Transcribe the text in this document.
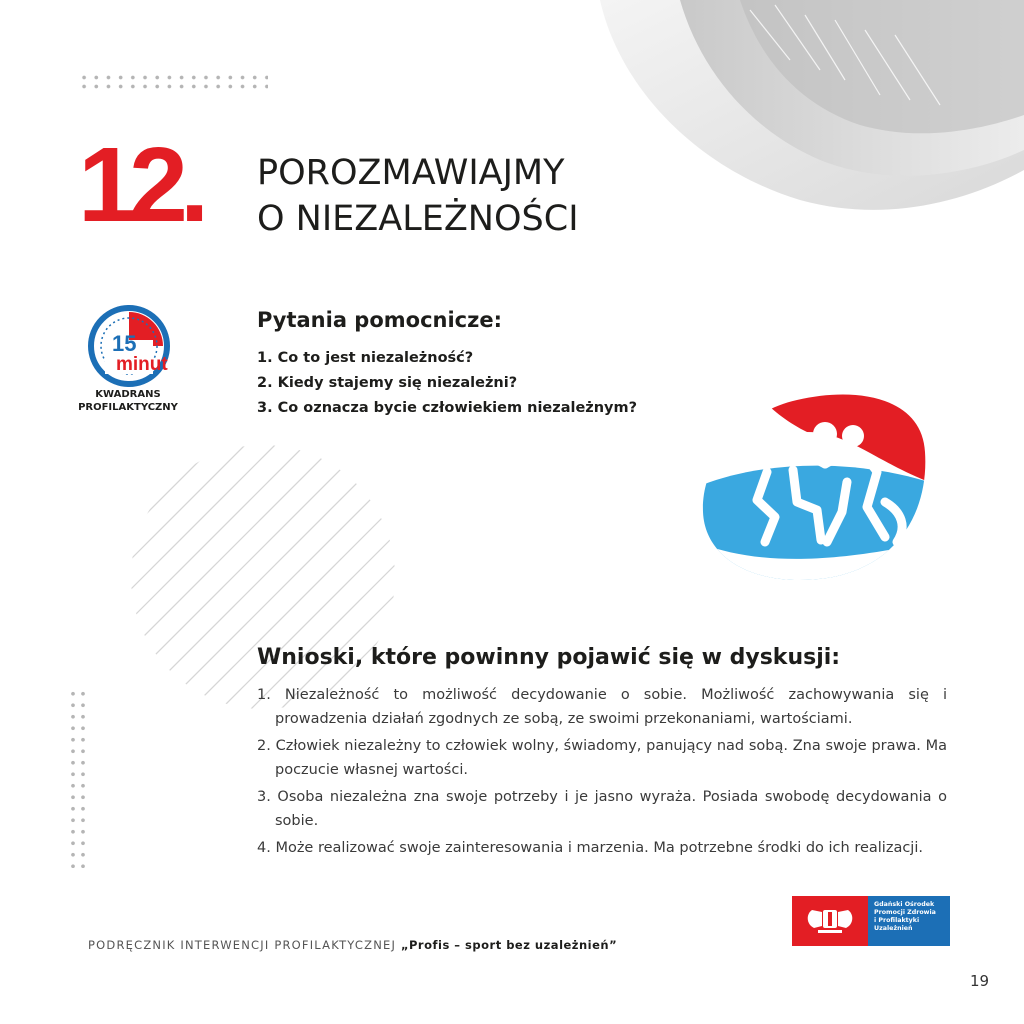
12. POROZMAWIAJMY
O NIEZALEŻNOŚCI
15
minut
KWADRANS
PROFILAKTYCZNY
Pytania pomocnicze:
1. Co to jest niezależność?
2. Kiedy stajemy się niezależni?
3. Co oznacza bycie człowiekiem niezależnym?
Wnioski, które powinny pojawić się w dyskusji:
1. Niezależność to możliwość decydowanie o sobie. Możliwość zachowywania się i prowadzenia działań zgodnych ze sobą, ze swoimi przekonaniami, wartościami.
2. Człowiek niezależny to człowiek wolny, świadomy, panujący nad sobą. Zna swoje prawa. Ma poczucie własnej wartości.
3. Osoba niezależna zna swoje potrzeby i je jasno wyraża. Posiada swobodę decydowania o sobie.
4. Może realizować swoje zainteresowania i marzenia. Ma potrzebne środki do ich realizacji.
Gdański Ośrodek
Promocji Zdrowia
i Profilaktyki
Uzależnień
PODRĘCZNIK INTERWENCJI PROFILAKTYCZNEJ „Profis – sport bez uzależnień”
19
